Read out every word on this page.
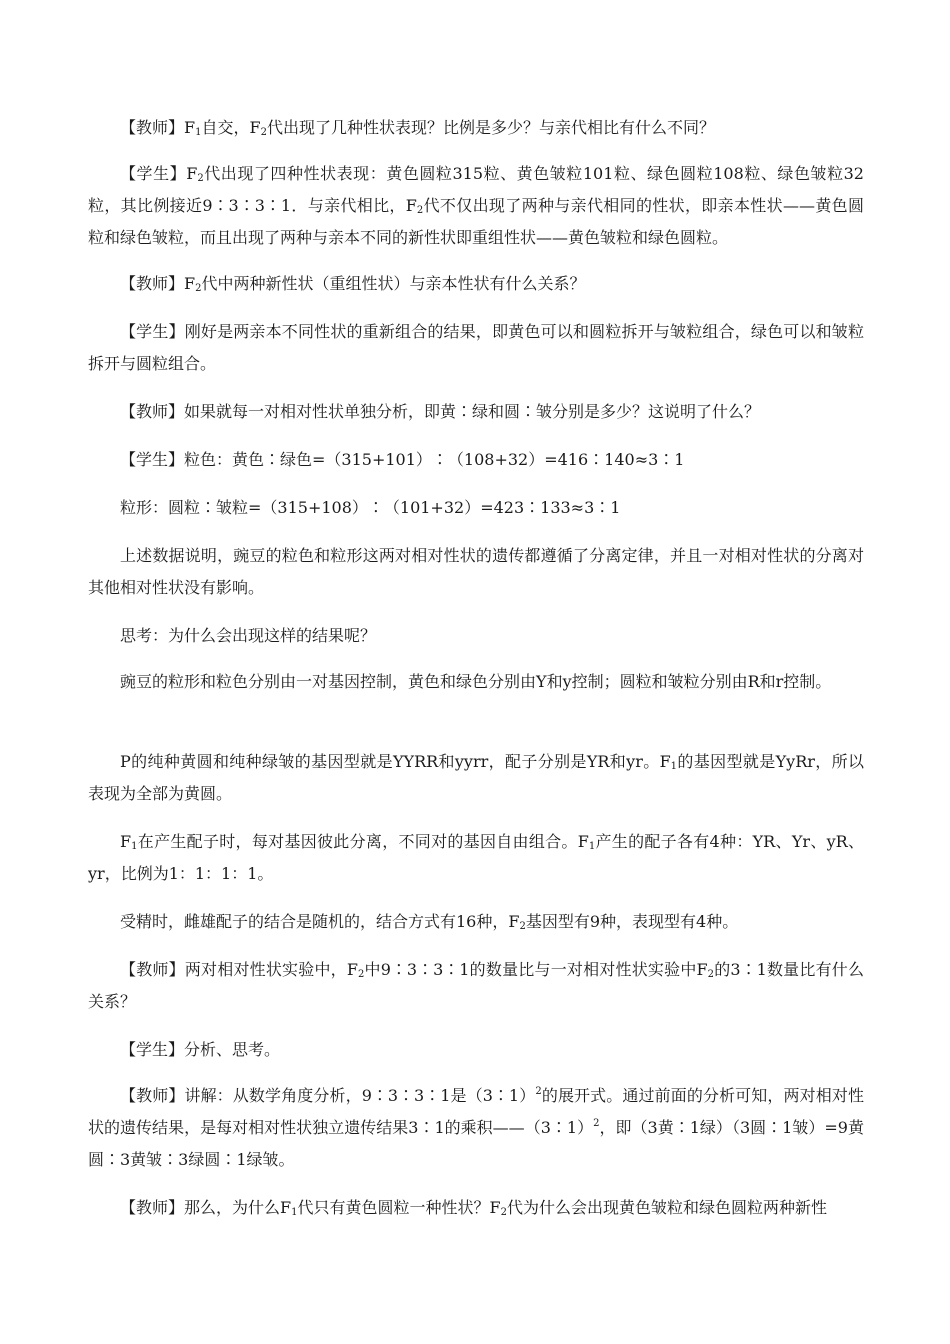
【教师】$F_1$自交，$F_2$代出现了几种性状表现？比例是多少？与亲代相比有什么不同？

【学生】$F_2$代出现了四种性状表现：黄色圆粒315粒、黄色皱粒101粒、绿色圆粒108粒、绿色皱粒32粒，其比例接近9∶3∶3∶1．与亲代相比，$F_2$代不仅出现了两种与亲代相同的性状，即亲本性状——黄色圆粒和绿色皱粒，而且出现了两种与亲本不同的新性状即重组性状——黄色皱粒和绿色圆粒。

【教师】$F_2$代中两种新性状（重组性状）与亲本性状有什么关系？

【学生】刚好是两亲本不同性状的重新组合的结果，即黄色可以和圆粒拆开与皱粒组合，绿色可以和皱粒拆开与圆粒组合。

【教师】如果就每一对相对性状单独分析，即黄∶绿和圆∶皱分别是多少？这说明了什么？

【学生】粒色：黄色∶绿色=（315+101）∶（108+32）=416∶140≈3∶1

粒形：圆粒∶皱粒=（315+108）∶（101+32）=423∶133≈3∶1

上述数据说明，豌豆的粒色和粒形这两对相对性状的遗传都遵循了分离定律，并且一对相对性状的分离对其他相对性状没有影响。

思考：为什么会出现这样的结果呢？

豌豆的粒形和粒色分别由一对基因控制，黄色和绿色分别由Y和y控制；圆粒和皱粒分别由R和r控制。

P的纯种黄圆和纯种绿皱的基因型就是YYRR和yyrr，配子分别是YR和yr。$F_1$的基因型就是YyRr，所以表现为全部为黄圆。

$F_1$在产生配子时，每对基因彼此分离，不同对的基因自由组合。$F_1$产生的配子各有4种：YR、Yr、yR、yr，比例为1：1：1：1。

受精时，雌雄配子的结合是随机的，结合方式有16种，$F_2$基因型有9种，表现型有4种。

【教师】两对相对性状实验中，$F_2$中9∶3∶3∶1的数量比与一对相对性状实验中$F_2$的3∶1数量比有什么关系？

【学生】分析、思考。

【教师】讲解：从数学角度分析，9∶3∶3∶1是（3∶1）$^2$的展开式。通过前面的分析可知，两对相对性状的遗传结果，是每对相对性状独立遗传结果3∶1的乘积——（3∶1）$^2$，即（3黄∶1绿）（3圆∶1皱）=9黄圆∶3黄皱∶3绿圆∶1绿皱。

【教师】那么，为什么$F_1$代只有黄色圆粒一种性状？$F_2$代为什么会出现黄色皱粒和绿色圆粒两种新性
